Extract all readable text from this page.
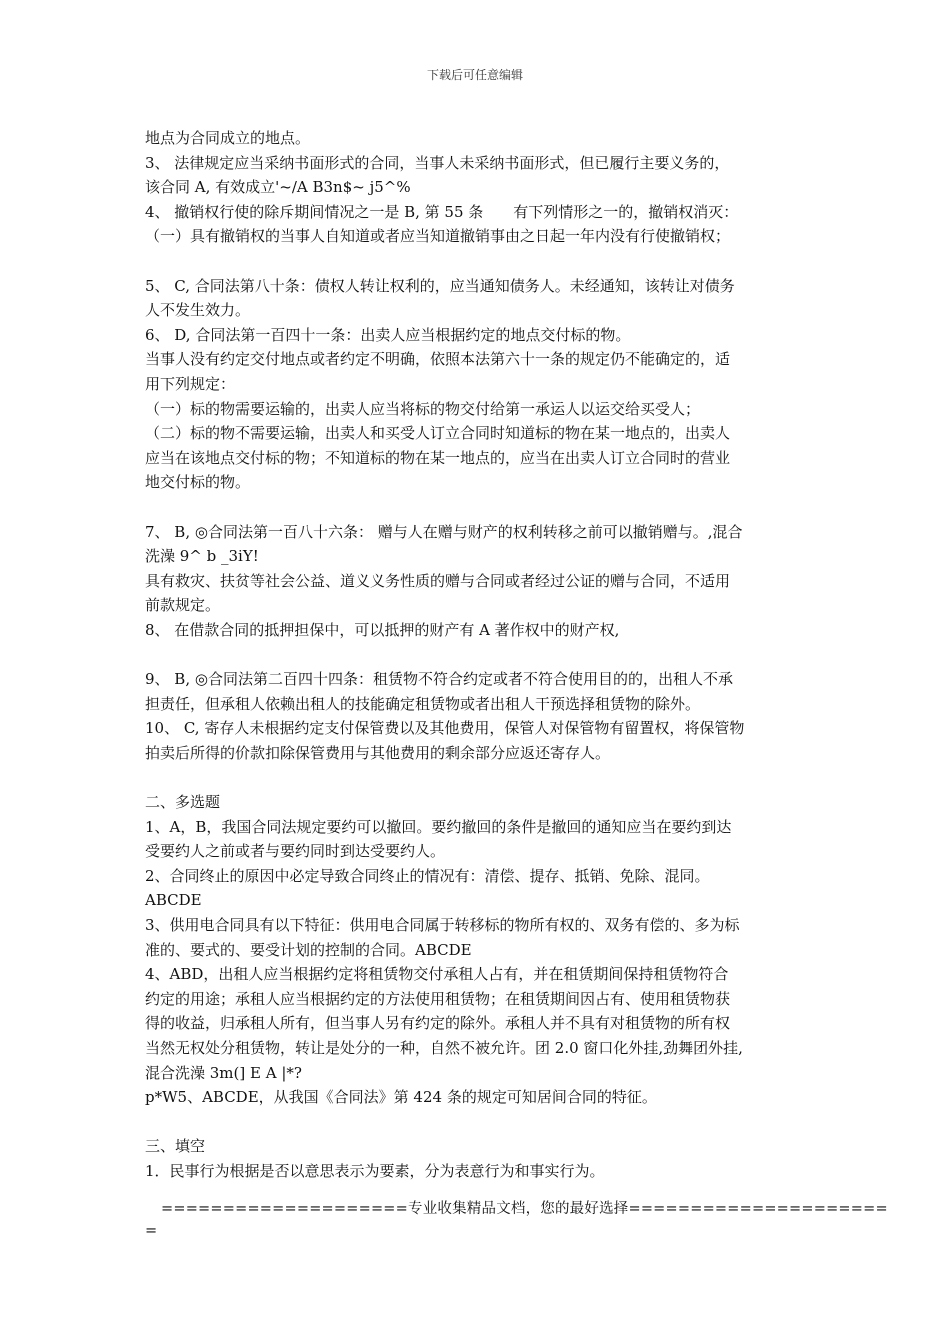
下载后可任意编辑

地点为合同成立的地点。

3、 法律规定应当采纳书面形式的合同，当事人未采纳书面形式，但已履行主要义务的，

该合同 A, 有效成立'~/A B3n$~ j5^%

4、 撤销权行使的除斥期间情况之一是 B, 第 55 条　　有下列情形之一的，撤销权消灭：

（一）具有撤销权的当事人自知道或者应当知道撤销事由之日起一年内没有行使撤销权；

5、 C, 合同法第八十条：债权人转让权利的，应当通知债务人。未经通知，该转让对债务

人不发生效力。

6、 D, 合同法第一百四十一条：出卖人应当根据约定的地点交付标的物。

当事人没有约定交付地点或者约定不明确，依照本法第六十一条的规定仍不能确定的，适

用下列规定：

（一）标的物需要运输的，出卖人应当将标的物交付给第一承运人以运交给买受人；

（二）标的物不需要运输，出卖人和买受人订立合同时知道标的物在某一地点的，出卖人

应当在该地点交付标的物；不知道标的物在某一地点的，应当在出卖人订立合同时的营业

地交付标的物。

7、 B, ◎合同法第一百八十六条： 赠与人在赠与财产的权利转移之前可以撤销赠与。,混合

洗澡 9^ b _3iY!

具有救灾、扶贫等社会公益、道义义务性质的赠与合同或者经过公证的赠与合同，不适用

前款规定。

8、 在借款合同的抵押担保中，可以抵押的财产有 A 著作权中的财产权,

9、 B, ◎合同法第二百四十四条：租赁物不符合约定或者不符合使用目的的，出租人不承

担责任，但承租人依赖出租人的技能确定租赁物或者出租人干预选择租赁物的除外。

10、 C, 寄存人未根据约定支付保管费以及其他费用，保管人对保管物有留置权，将保管物

拍卖后所得的价款扣除保管费用与其他费用的剩余部分应返还寄存人。

二、多选题

1、A，B，我国合同法规定要约可以撤回。要约撤回的条件是撤回的通知应当在要约到达

受要约人之前或者与要约同时到达受要约人。

2、合同终止的原因中必定导致合同终止的情况有：清偿、提存、抵销、免除、混同。

ABCDE

3、供用电合同具有以下特征：供用电合同属于转移标的物所有权的、双务有偿的、多为标

准的、要式的、要受计划的控制的合同。ABCDE

4、ABD，出租人应当根据约定将租赁物交付承租人占有，并在租赁期间保持租赁物符合

约定的用途；承租人应当根据约定的方法使用租赁物；在租赁期间因占有、使用租赁物获

得的收益，归承租人所有，但当事人另有约定的除外。承租人并不具有对租赁物的所有权

当然无权处分租赁物，转让是处分的一种，自然不被允许。团 2.0 窗口化外挂,劲舞团外挂,

混合洗澡 3m(] E A |*?

p*W5、ABCDE，从我国《合同法》第 424 条的规定可知居间合同的特征。

三、填空

1．民事行为根据是否以意思表示为要素，分为表意行为和事实行为。

====================专业收集精品文档，您的最好选择=====================
=
